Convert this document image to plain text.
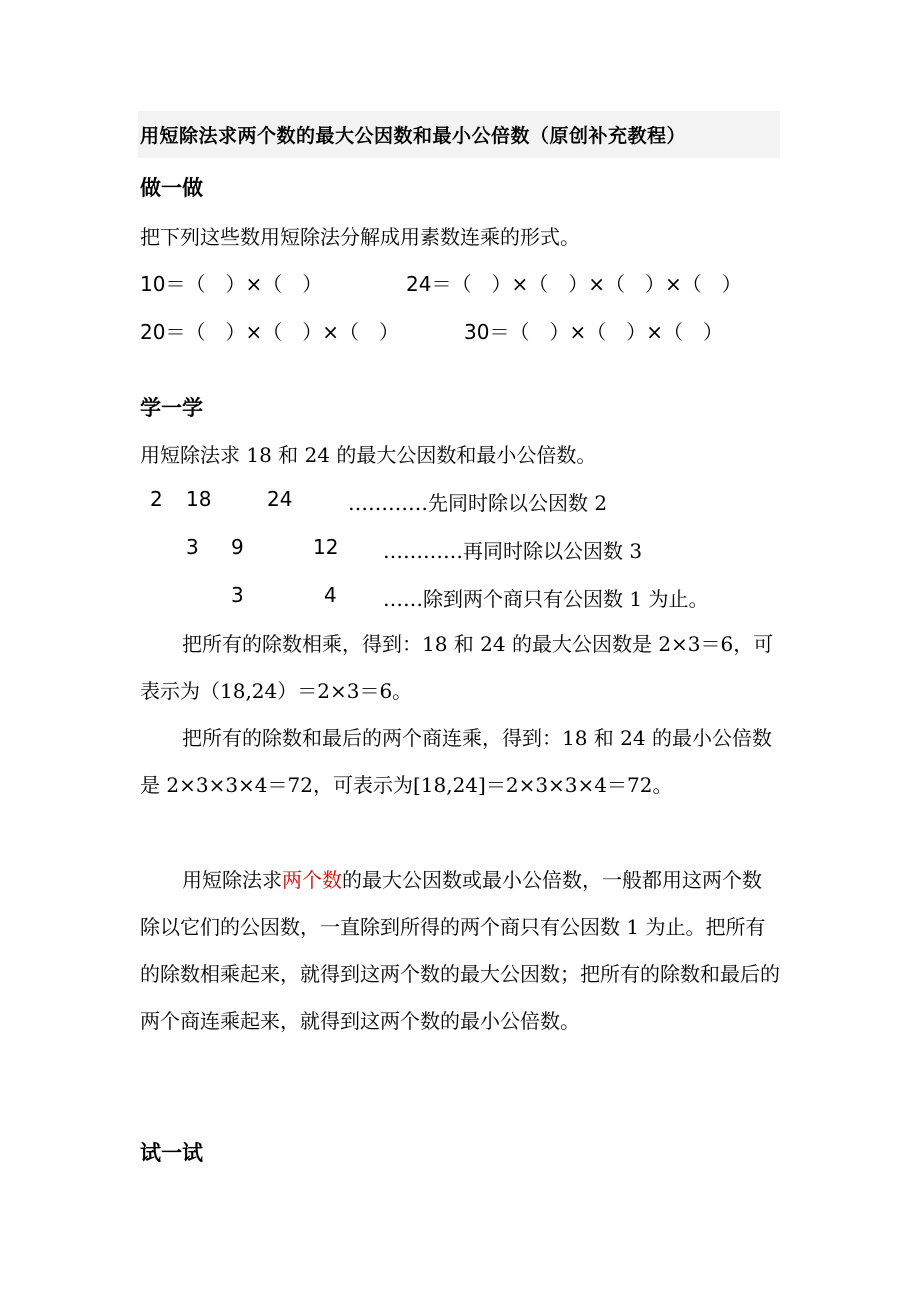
用短除法求两个数的最大公因数和最小公倍数（原创补充教程）
做一做
把下列这些数用短除法分解成用素数连乘的形式。
10＝（　）×（　）	24＝（　）×（　）×（　）×（　）
20＝（　）×（　）×（　）	30＝（　）×（　）×（　）
学一学
用短除法求 18 和 24 的最大公因数和最小公倍数。
2 18	24	…………先同时除以公因数 2
3 9	12 …………再同时除以公因数 3
3	4 ……除到两个商只有公因数 1 为止。
把所有的除数相乘，得到：18 和 24 的最大公因数是 2×3＝6，可表示为（18,24）＝2×3＝6。
把所有的除数和最后的两个商连乘，得到：18 和 24 的最小公倍数是 2×3×3×4＝72，可表示为[18,24]＝2×3×3×4＝72。
用短除法求两个数的最大公因数或最小公倍数，一般都用这两个数除以它们的公因数，一直除到所得的两个商只有公因数 1 为止。把所有的除数相乘起来，就得到这两个数的最大公因数；把所有的除数和最后的两个商连乘起来，就得到这两个数的最小公倍数。
试一试
